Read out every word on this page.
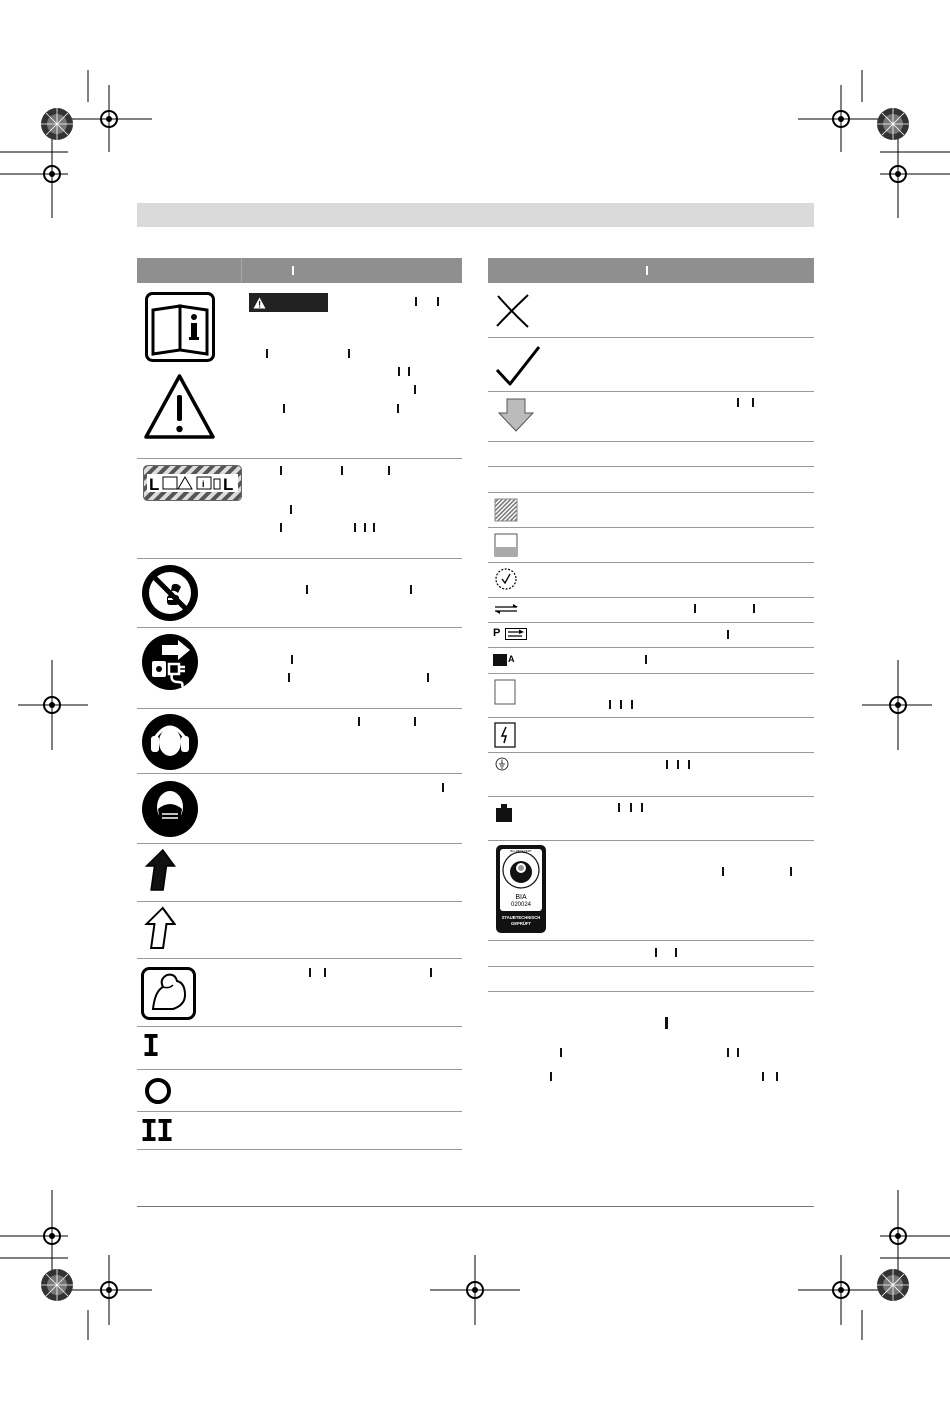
L	i L
I
II
P
A
BG-PRÜFZERT
BIA
020024
STAUBTECHNISCH
GEPRÜFT
